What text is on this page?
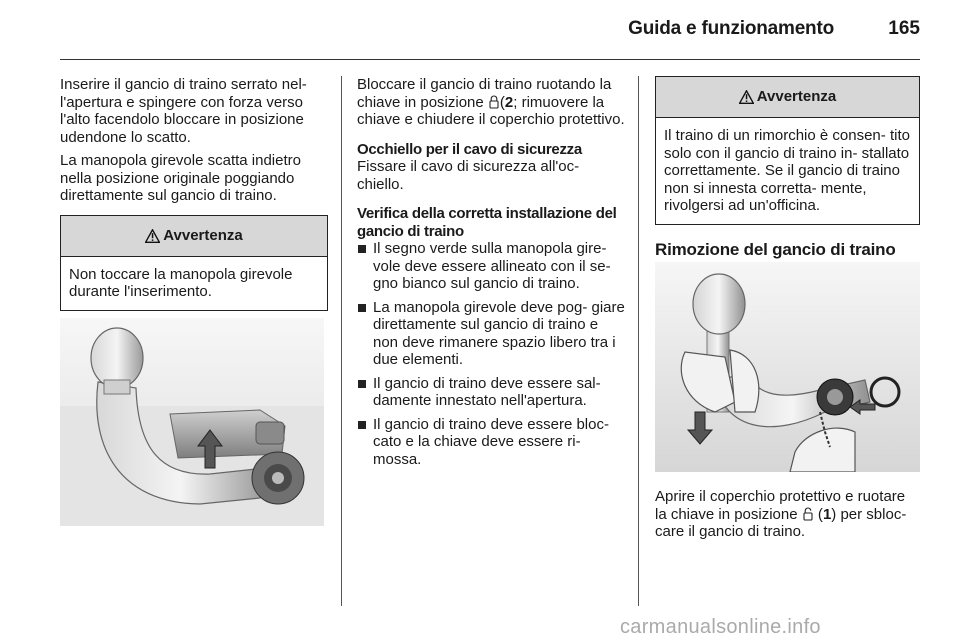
Guida e funzionamento	165

Inserire il gancio di traino serrato nel- l'apertura e spingere con forza verso l'alto facendolo bloccare in posizione udendone lo scatto.

La manopola girevole scatta indietro nella posizione originale poggiando direttamente sul gancio di traino.

Avvertenza
Non toccare la manopola girevole durante l'inserimento.

Bloccare il gancio di traino ruotando la chiave in posizione (2; rimuovere la chiave e chiudere il coperchio protettivo.

Occhiello per il cavo di sicurezza

Fissare il cavo di sicurezza all'oc- chiello.

Verifica della corretta installazione del gancio di traino
Il segno verde sulla manopola gire- vole deve essere allineato con il se- gno bianco sul gancio di traino.
La manopola girevole deve pog- giare direttamente sul gancio di traino e non deve rimanere spazio libero tra i due elementi.
Il gancio di traino deve essere sal- damente innestato nell'apertura.
Il gancio di traino deve essere bloc- cato e la chiave deve essere ri- mossa.
Avvertenza
Il traino di un rimorchio è consen- tito solo con il gancio di traino in- stallato correttamente. Se il gancio di traino non si innesta corretta- mente, rivolgersi ad un'officina.
Rimozione del gancio di traino

Aprire il coperchio protettivo e ruotare la chiave in posizione  (1) per sbloc- care il gancio di traino.

carmanualsonline.info
